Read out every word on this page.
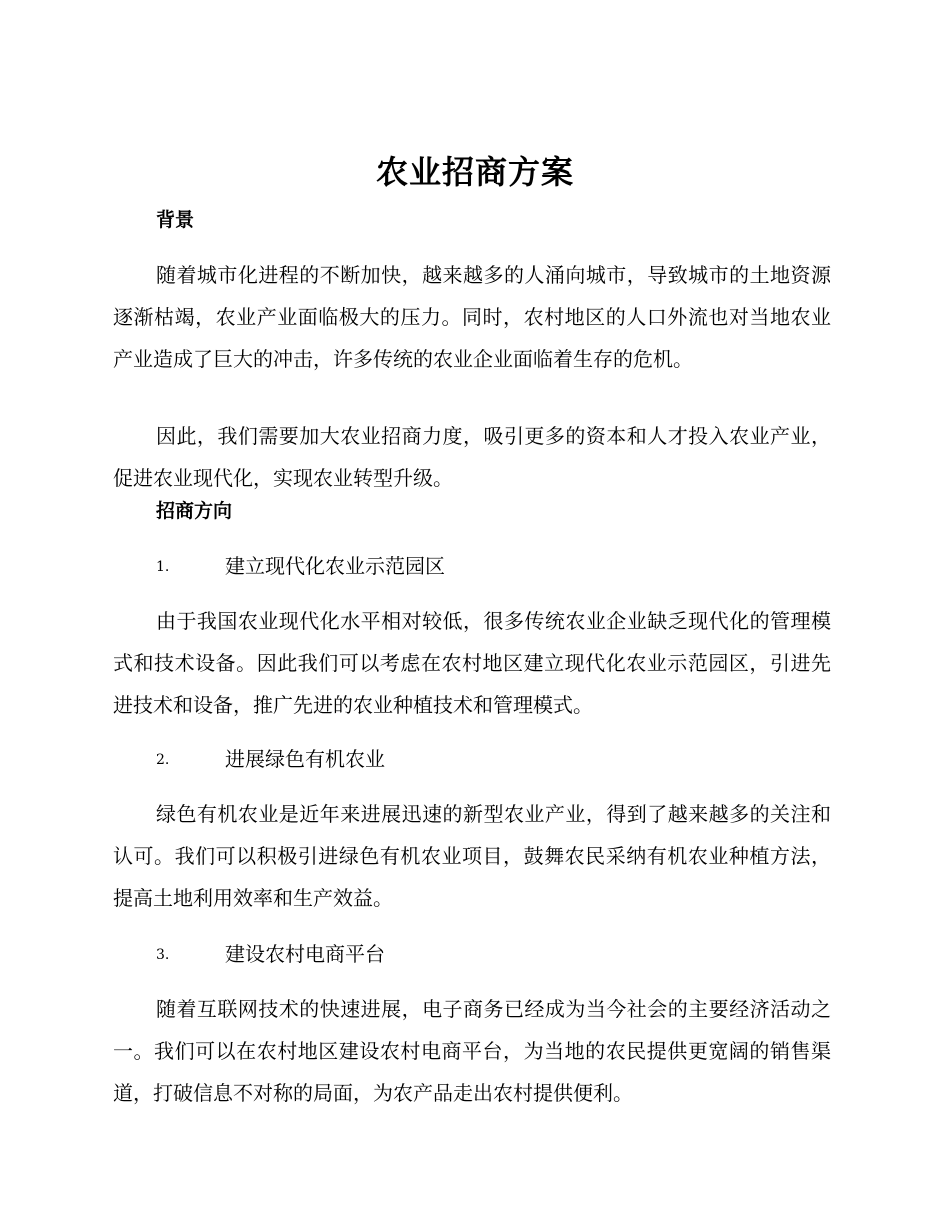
农业招商方案
背景
随着城市化进程的不断加快，越来越多的人涌向城市，导致城市的土地资源逐渐枯竭，农业产业面临极大的压力。同时，农村地区的人口外流也对当地农业产业造成了巨大的冲击，许多传统的农业企业面临着生存的危机。
因此，我们需要加大农业招商力度，吸引更多的资本和人才投入农业产业，促进农业现代化，实现农业转型升级。
招商方向
1.	建立现代化农业示范园区
由于我国农业现代化水平相对较低，很多传统农业企业缺乏现代化的管理模式和技术设备。因此我们可以考虑在农村地区建立现代化农业示范园区，引进先进技术和设备，推广先进的农业种植技术和管理模式。
2.	进展绿色有机农业
绿色有机农业是近年来进展迅速的新型农业产业，得到了越来越多的关注和认可。我们可以积极引进绿色有机农业项目，鼓舞农民采纳有机农业种植方法，提高土地利用效率和生产效益。
3.	建设农村电商平台
随着互联网技术的快速进展，电子商务已经成为当今社会的主要经济活动之一。我们可以在农村地区建设农村电商平台，为当地的农民提供更宽阔的销售渠道，打破信息不对称的局面，为农产品走出农村提供便利。
